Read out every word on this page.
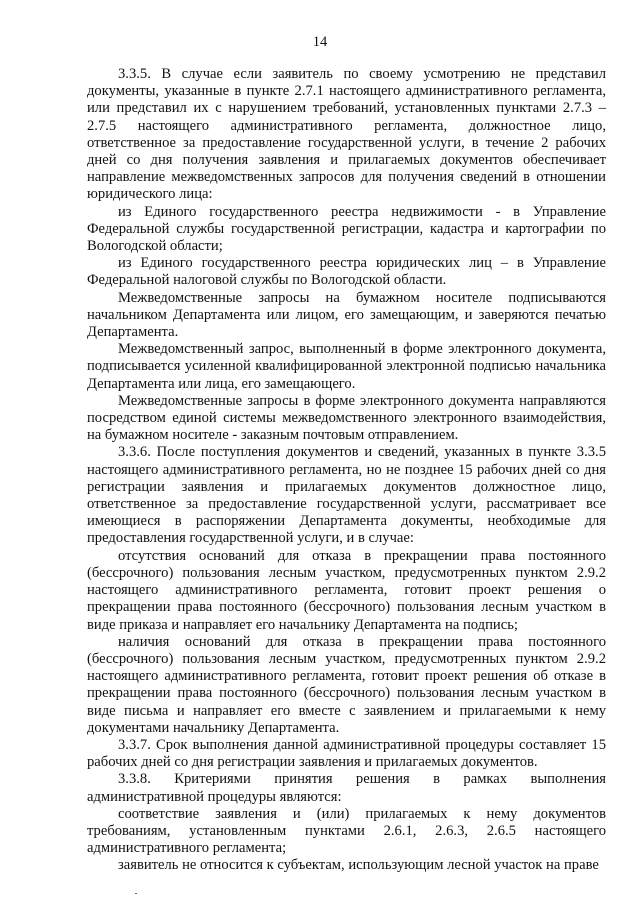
14

3.3.5. В случае если заявитель по своему усмотрению не представил документы, указанные в пункте 2.7.1 настоящего административного регламента, или представил их с нарушением требований, установленных пунктами 2.7.3 – 2.7.5 настоящего административного регламента, должностное лицо, ответственное за предоставление государственной услуги, в течение 2 рабочих дней со дня получения заявления и прилагаемых документов обеспечивает направление межведомственных запросов для получения сведений в отношении юридического лица:

из Единого государственного реестра недвижимости - в Управление Федеральной службы государственной регистрации, кадастра и картографии по Вологодской области;

из Единого государственного реестра юридических лиц – в Управление Федеральной налоговой службы по Вологодской области.

Межведомственные запросы на бумажном носителе подписываются начальником Департамента или лицом, его замещающим, и заверяются печатью Департамента.

Межведомственный запрос, выполненный в форме электронного документа, подписывается усиленной квалифицированной электронной подписью начальника Департамента или лица, его замещающего.

Межведомственные запросы в форме электронного документа направляются посредством единой системы межведомственного электронного взаимодействия, на бумажном носителе - заказным почтовым отправлением.

3.3.6. После поступления документов и сведений, указанных в пункте 3.3.5 настоящего административного регламента, но не позднее 15 рабочих дней со дня регистрации заявления и прилагаемых документов должностное лицо, ответственное за предоставление государственной услуги, рассматривает все имеющиеся в распоряжении Департамента документы, необходимые для предоставления государственной услуги, и в случае:

отсутствия оснований для отказа в прекращении права постоянного (бессрочного) пользования лесным участком, предусмотренных пунктом 2.9.2 настоящего административного регламента, готовит проект решения о прекращении права постоянного (бессрочного) пользования лесным участком в виде приказа и направляет его начальнику Департамента на подпись;

наличия оснований для отказа в прекращении права постоянного (бессрочного) пользования лесным участком, предусмотренных пунктом 2.9.2 настоящего административного регламента, готовит проект решения об отказе в прекращении права постоянного (бессрочного) пользования лесным участком в виде письма и направляет его вместе с заявлением и прилагаемыми к нему документами начальнику Департамента.

3.3.7. Срок выполнения данной административной процедуры составляет 15 рабочих дней со дня регистрации заявления и прилагаемых документов.

3.3.8. Критериями принятия решения в рамках выполнения административной процедуры являются:

соответствие заявления и (или) прилагаемых к нему документов требованиям, установленным пунктами 2.6.1, 2.6.3, 2.6.5 настоящего административного регламента;

заявитель не относится к субъектам, использующим лесной участок на праве
